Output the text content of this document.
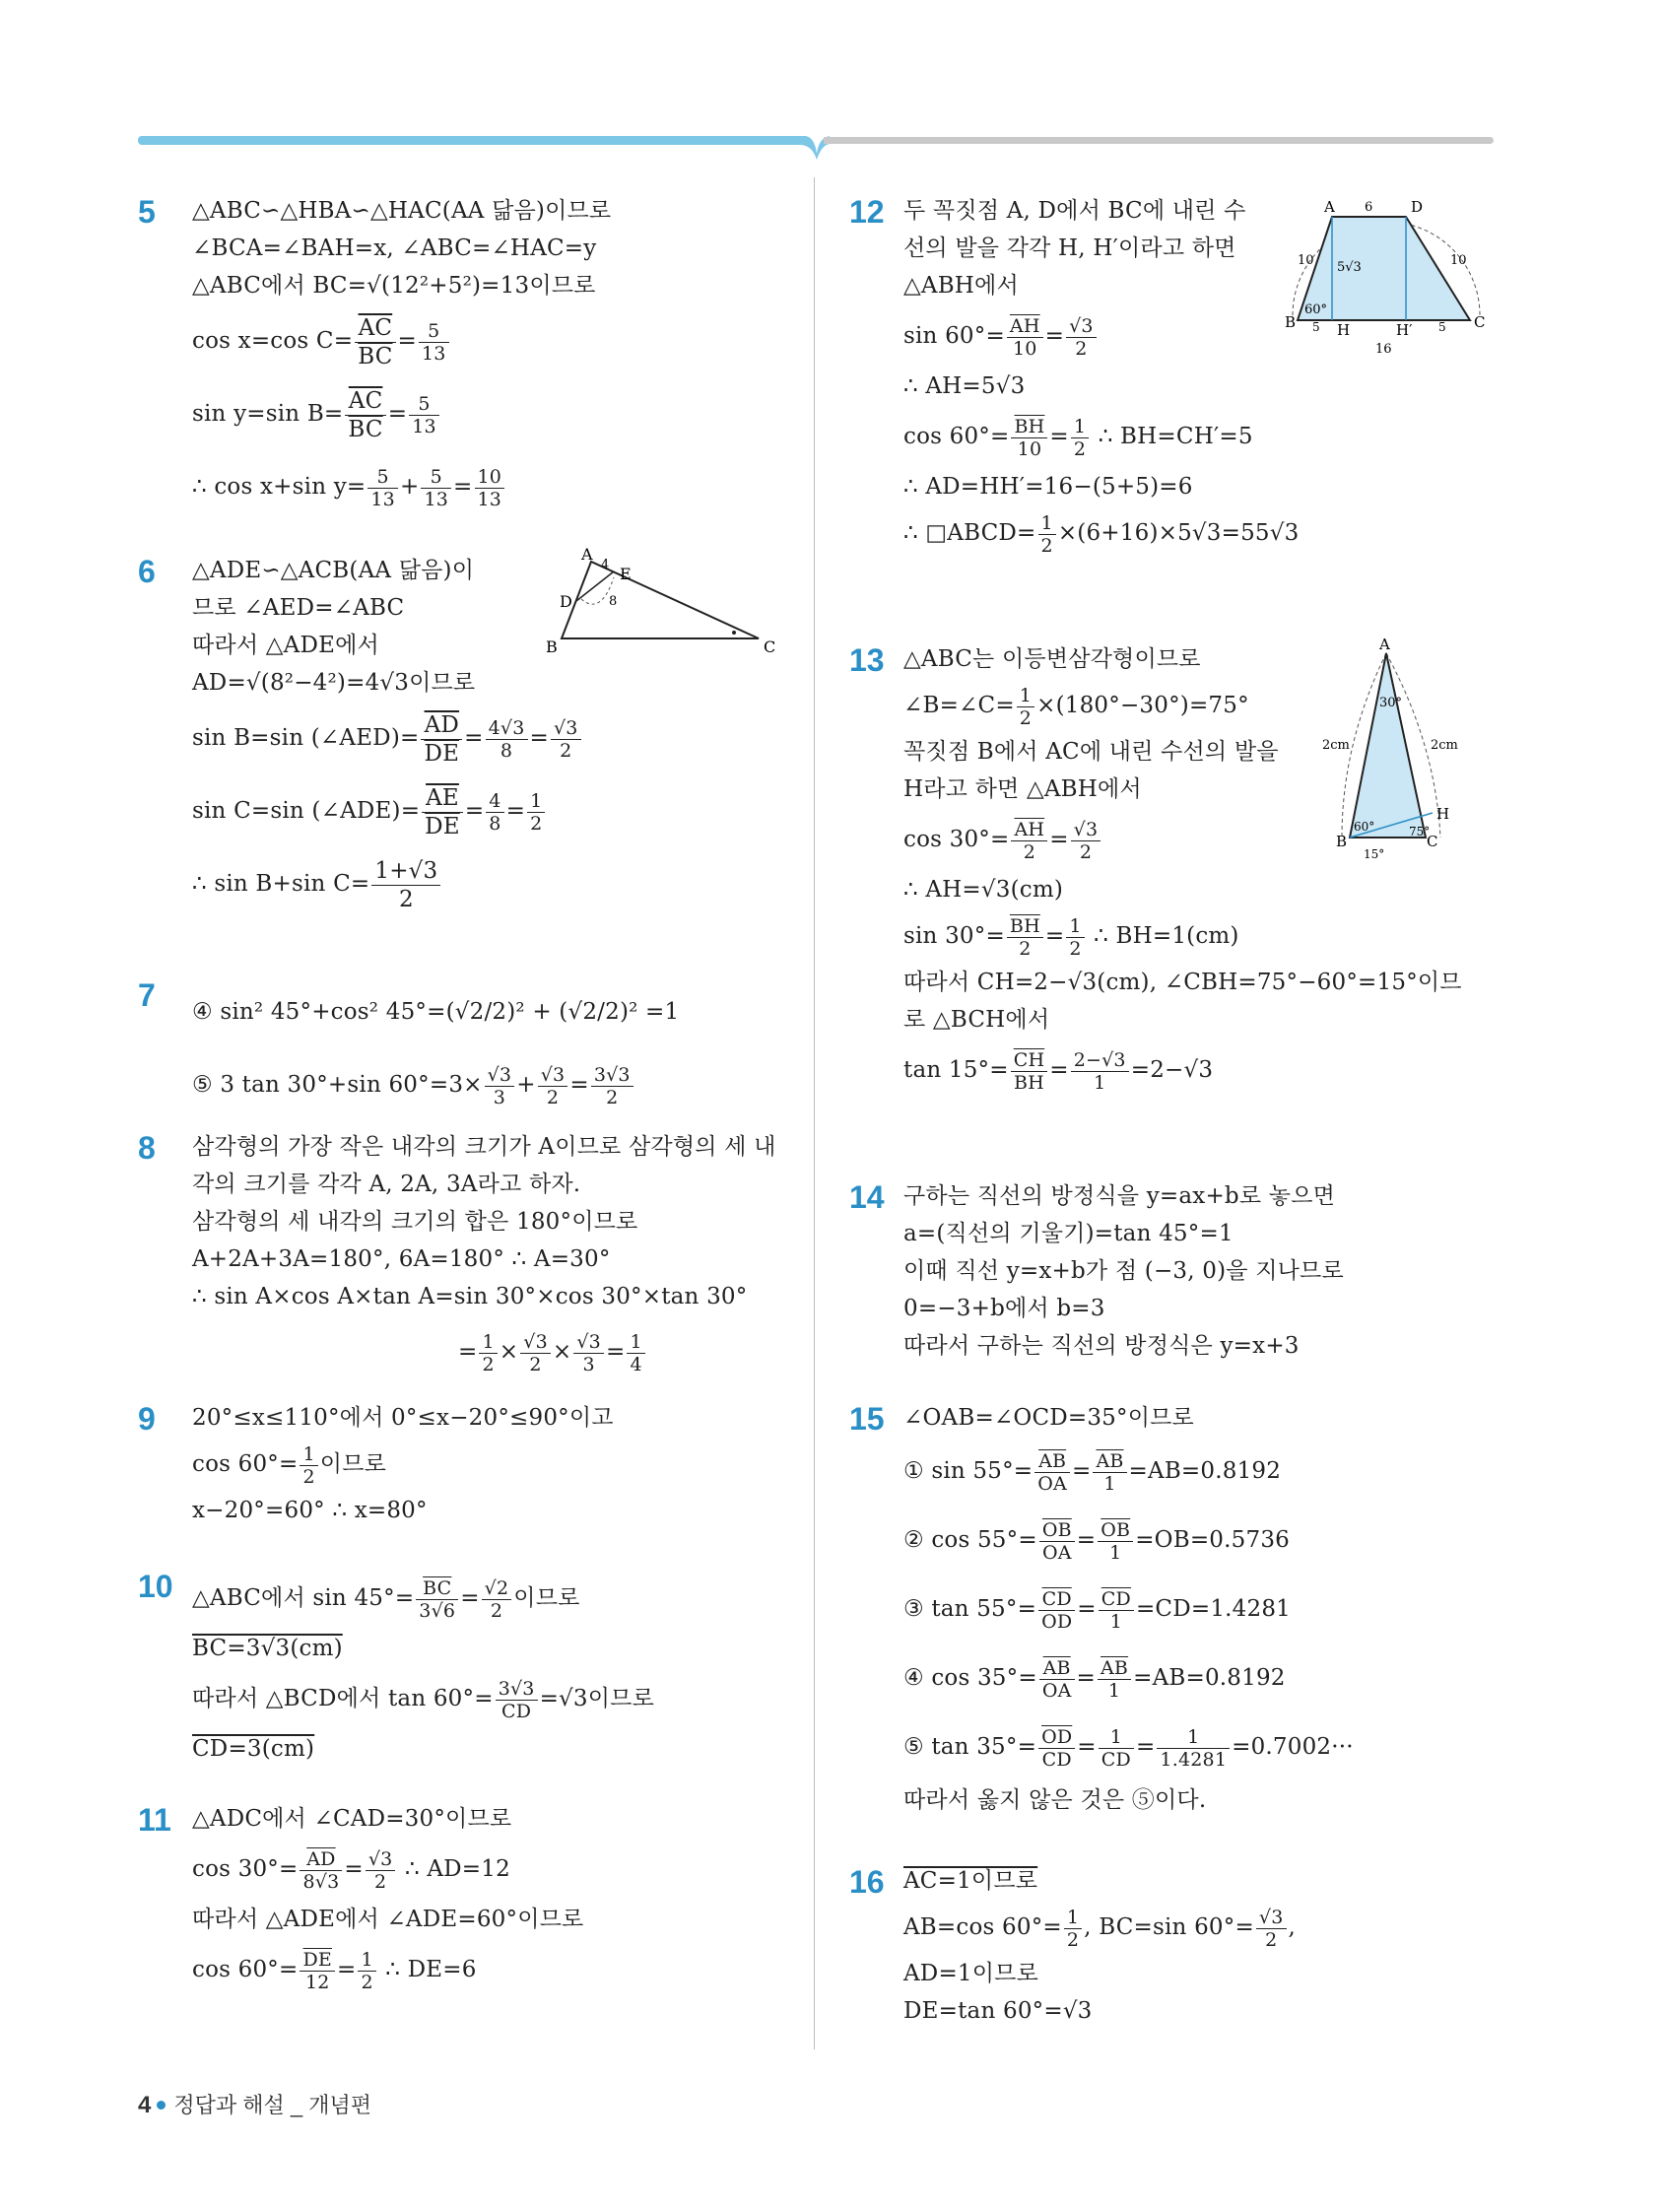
5 △ABC∽△HBA∽△HAC(AA 닮음)이므로
∠BCA=∠BAH=x, ∠ABC=∠HAC=y
△ABC에서 BC=√(12²+5²)=13이므로
cos x=cos $C= \frac{\overline{AC}}{BC} = \frac{5}{13}$
sin y=sin $B= \frac{\overline{AC}}{BC} = \frac{5}{13}$
∴ cos x+sin $y= \frac{5}{13} + \frac{5}{13} = \frac{10}{13}$
6 △ADE∽△ACB(AA 닮음)이
므로 ∠AED=∠ABC
따라서 △ADE에서
AD=√(8²−4²)=4√3이므로
sin B=sin (∠AED)= $\frac{\overline{AD}}{DE} = \frac{4√3}{8} = \frac{√3}{2}$
sin C=sin (∠ADE)= $\frac{\overline{AE}}{DE} = \frac{4}{8} = \frac{1}{2}$
∴ sin B+sin $C= \frac{1+√3}{2}$
A
B	C
D
E
4
8
7 ④ sin² 45°+cos² 45°=(√2/2)² + (√2/2)² =1
⑤ 3 tan 30°+sin $60^\circ=3\times \frac{√3}{3} + \frac{√3}{2} = \frac{3√3}{2}$
8 삼각형의 가장 작은 내각의 크기가 A이므로 삼각형의 세 내
각의 크기를 각각 A, 2A, 3A라고 하자.
삼각형의 세 내각의 크기의 합은 180°이므로
A+2A+3A=180°, 6A=180° ∴ A=30°
∴ sin A×cos A×tan A=sin 30°×cos 30°×tan 30°
= $\frac{1}{2} \times \frac{√3}{2} \times \frac{√3}{3} = \frac{1}{4}$
9 20°≤x≤110°에서 0°≤x−20°≤90°이고
$\cos 60^\circ= \frac{1}{2}$ 이므로
x−20°=60° ∴ x=80°
10 △ABC에서 $\sin 45^\circ= \frac{\overline{BC}}{3√6} = \frac{√2}{2}$ 이므로
BC=3√3(cm)
따라서 △BCD에서 $\tan 60^\circ= \frac{3√3}{CD} =√3$이므로
CD=3(cm)
11 △ADC에서 ∠CAD=30°이므로
$\cos 30^\circ= \frac{\overline{AD}}{8√3} = \frac{√3}{2}$ ∴ AD=12
따라서 △ADE에서 ∠ADE=60°이므로
$\cos 60^\circ= \frac{\overline{DE}}{12} = \frac{1}{2}$ ∴ DE=6
12 두 꼭짓점 A, D에서 BC에 내린 수
선의 발을 각각 H, H′이라고 하면
△ABH에서
$\sin 60^\circ= \frac{\overline{AH}}{10} = \frac{√3}{2}$
∴ AH=5√3
$\cos 60^\circ= \frac{\overline{BH}}{10} = \frac{1}{2}$ ∴ BH=CH′=5
∴ AD=HH′=16−(5+5)=6
∴ □ABCD= $\frac{1}{2} \times(6+16)\times 5√3=55√3$
A	D
B	C
H	H′
6
10	10
5√3
60°
5	5
16
13 △ABC는 이등변삼각형이므로
∠B=∠C= $\frac{1}{2} \times(180^\circ-30^\circ)=75^\circ$
꼭짓점 B에서 AC에 내린 수선의 발을
H라고 하면 △ABH에서
$\cos 30^\circ= \frac{\overline{AH}}{2} = \frac{√3}{2}$
∴ AH=√3(cm)
$\sin 30^\circ= \frac{\overline{BH}}{2} = \frac{1}{2}$ ∴ BH=1(cm)
따라서 CH=2−√3(cm), ∠CBH=75°−60°=15°이므
로 △BCH에서
$\tan 15^\circ= \frac{\overline{CH}}{BH} = \frac{2-√3}{1} =2-√3$
A
B	C
H
30°
2cm	2cm
60°	75°
15°
14 구하는 직선의 방정식을 y=ax+b로 놓으면
a=(직선의 기울기)=tan 45°=1
이때 직선 y=x+b가 점 (−3, 0)을 지나므로
0=−3+b에서 b=3
따라서 구하는 직선의 방정식은 y=x+3
15 ∠OAB=∠OCD=35°이므로
① $\sin 55^\circ= \frac{\overline{AB}}{OA} = \frac{\overline{AB}}{1} =AB=0.8192$
② $\cos 55^\circ= \frac{\overline{OB}}{OA} = \frac{\overline{OB}}{1} =OB=0.5736$
③ $\tan 55^\circ= \frac{\overline{CD}}{OD} = \frac{\overline{CD}}{1} =CD=1.4281$
④ $\cos 35^\circ= \frac{\overline{AB}}{OA} = \frac{\overline{AB}}{1} =AB=0.8192$
⑤ $\tan 35^\circ= \frac{\overline{OD}}{CD} = \frac{1}{CD} = \frac{1}{1.4281} =0.7002\cdot\cdot\cdot$
따라서 옳지 않은 것은 ⑤이다.
16 AC=1이므로
AB=cos $60^\circ= \frac{1}{2}$ , BC=sin $60^\circ= \frac{√3}{2}$ ,
AD=1이므로
DE=tan 60°=√3
4 정답과 해설 _ 개념편
